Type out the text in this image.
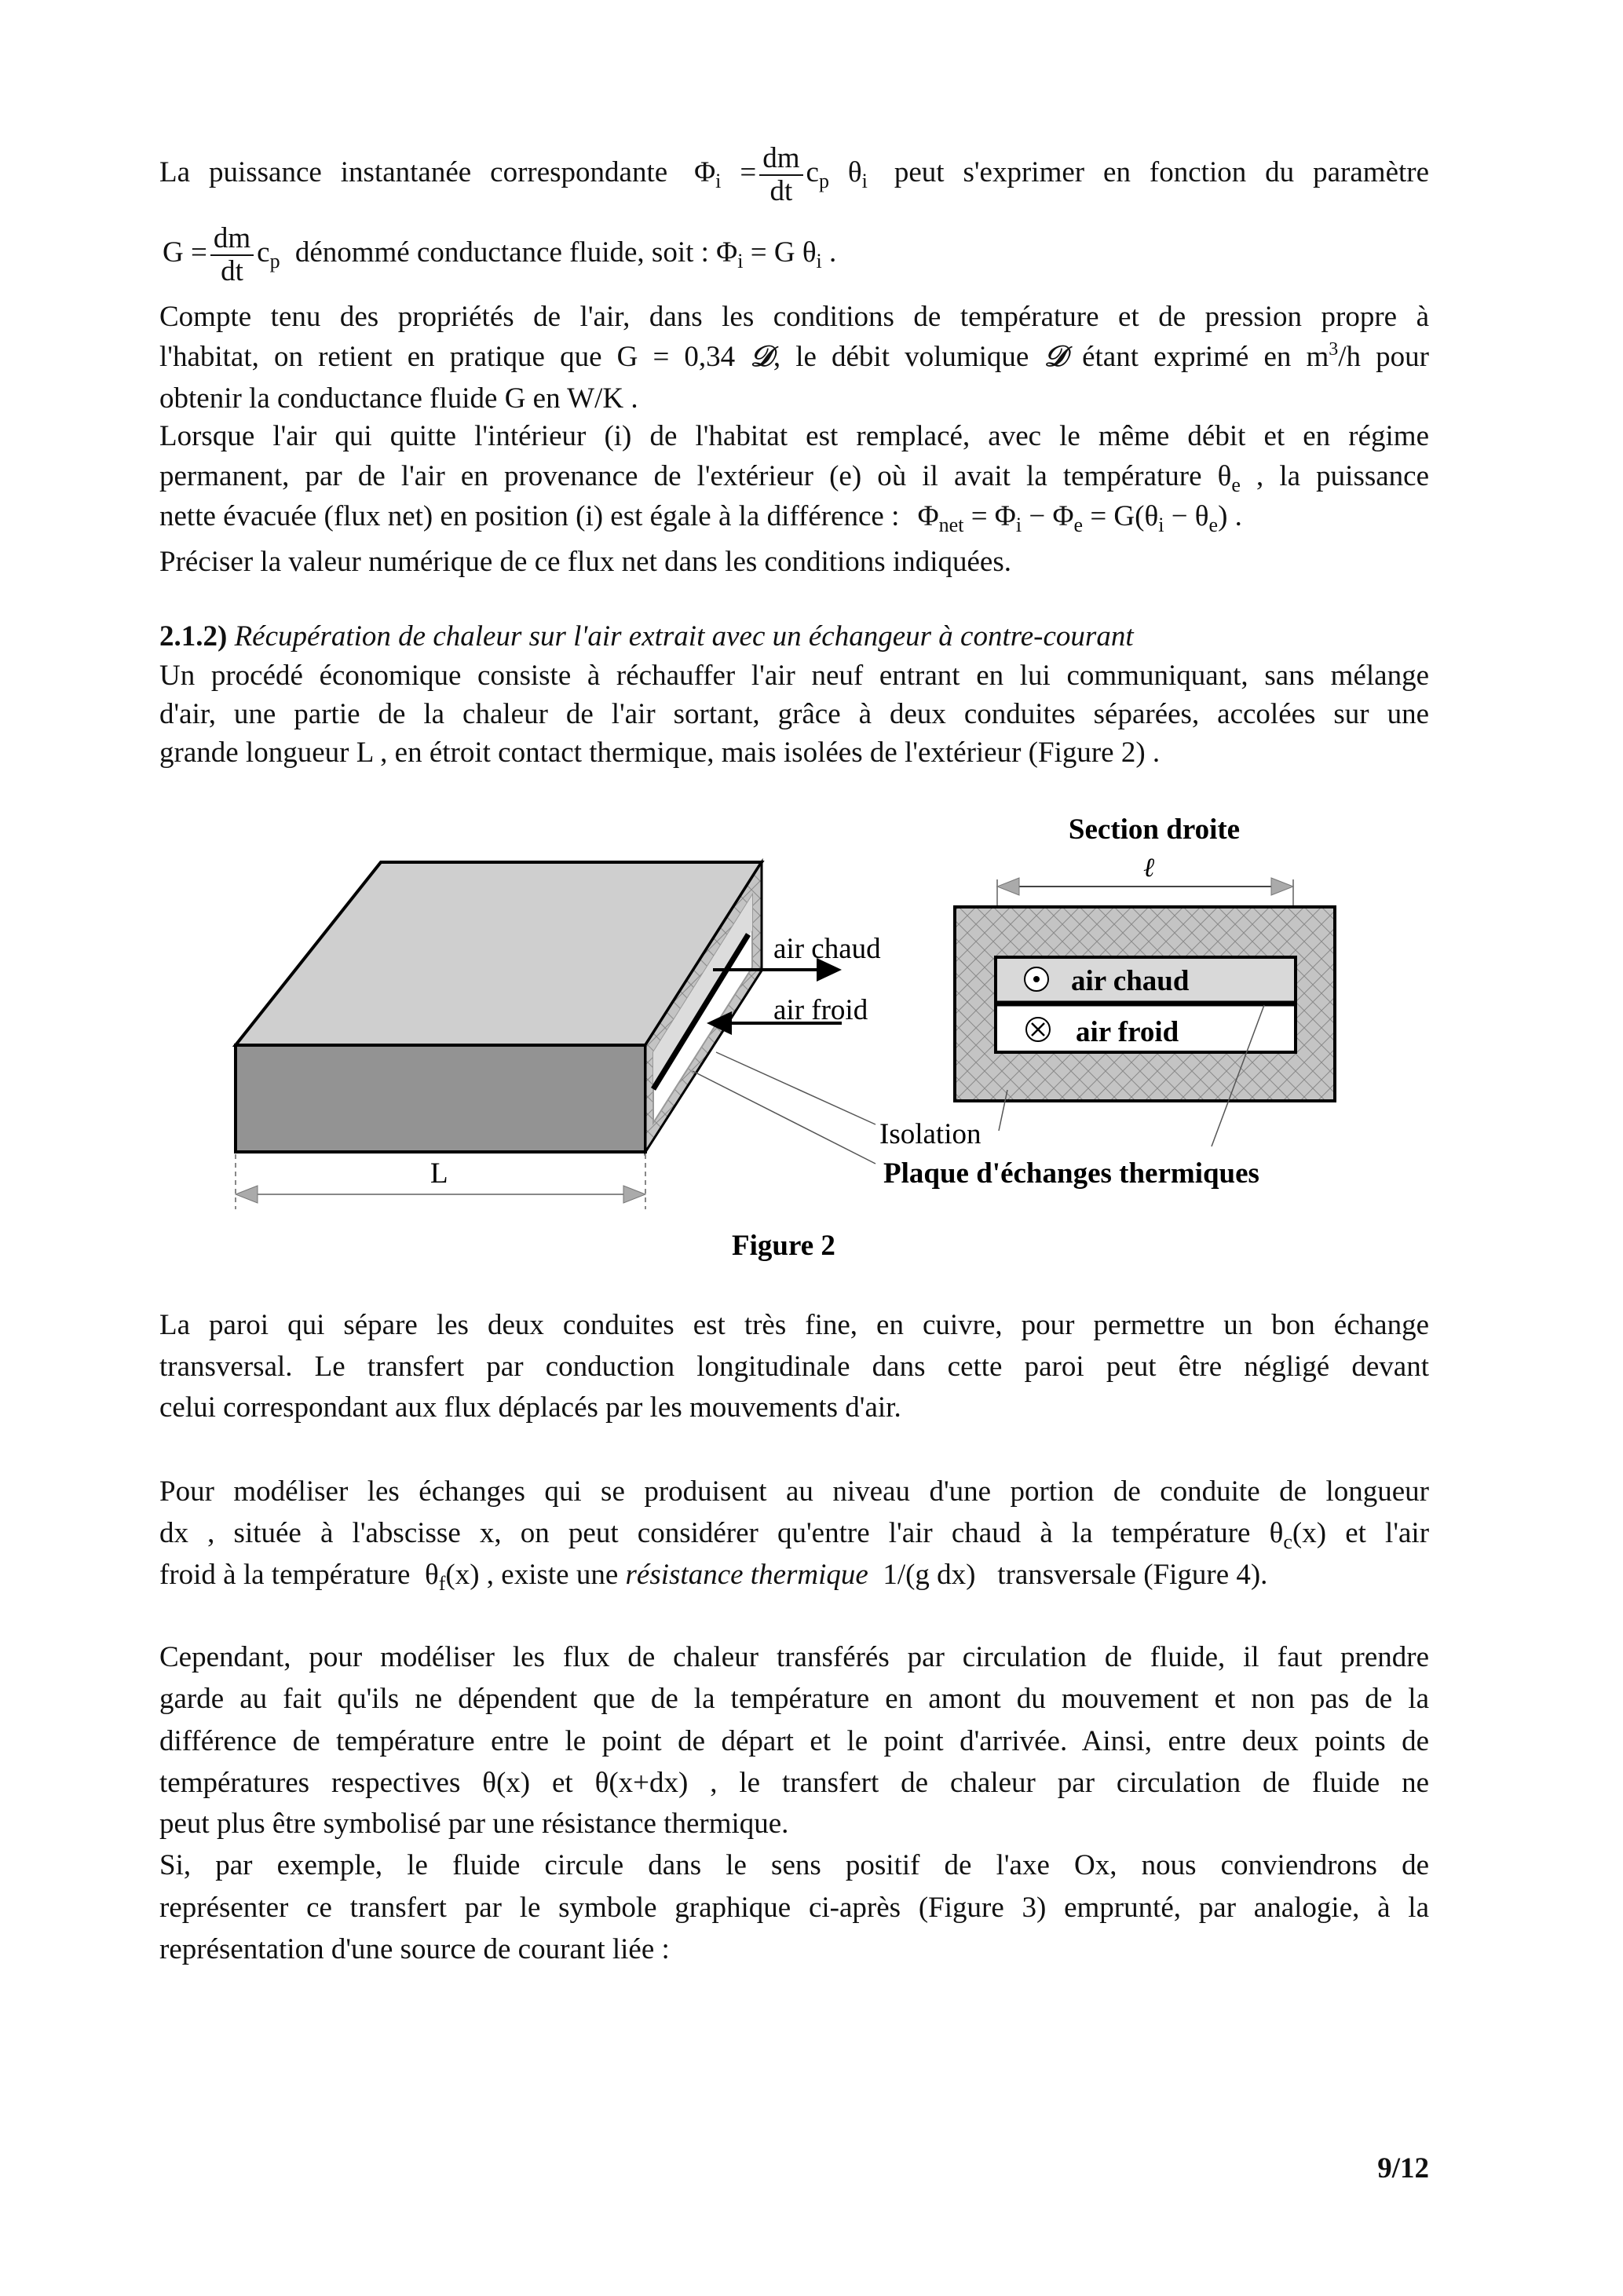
La puissance instantanée correspondante $\Phi_i = \frac{dm}{dt} c_p$ $\theta_i$ peut s'exprimer en fonction du paramètre
$G = \frac{dm}{dt} c_p$ dénommé conductance fluide, soit : $\Phi_i = G$ $\theta_i$ .
Compte tenu des propriétés de l'air, dans les conditions de température et de pression propre à
l'habitat, on retient en pratique que G = 0,34 𝒟, le débit volumique 𝒟 étant exprimé en $m^3/h$ pour
obtenir la conductance fluide G en W/K .
Lorsque l'air qui quitte l'intérieur (i) de l'habitat est remplacé, avec le même débit et en régime
permanent, par de l'air en provenance de l'extérieur (e) où il avait la température $\theta_e$ , la puissance
nette évacuée (flux net) en position (i) est égale à la différence : $\Phi_{net} = \Phi_i - \Phi_e = G(\theta_i - \theta_e)$ .
Préciser la valeur numérique de ce flux net dans les conditions indiquées.
2.1.2) Récupération de chaleur sur l'air extrait avec un échangeur à contre-courant
Un procédé économique consiste à réchauffer l'air neuf entrant en lui communiquant, sans mélange
d'air, une partie de la chaleur de l'air sortant, grâce à deux conduites séparées, accolées sur une
grande longueur L , en étroit contact thermique, mais isolées de l'extérieur (Figure 2) .
air chaud
air froid
L
Section droite
ℓ
air chaud
air froid
Isolation
Plaque d'échanges thermiques
Figure 2
La paroi qui sépare les deux conduites est très fine, en cuivre, pour permettre un bon échange
transversal. Le transfert par conduction longitudinale dans cette paroi peut être négligé devant
celui correspondant aux flux déplacés par les mouvements d'air.
Pour modéliser les échanges qui se produisent au niveau d'une portion de conduite de longueur
dx , située à l'abscisse x, on peut considérer qu'entre l'air chaud à la température $\theta_c(x)$ et l'air
froid à la température $\theta_f(x)$ , existe une résistance thermique 1/(g dx) transversale (Figure 4).
Cependant, pour modéliser les flux de chaleur transférés par circulation de fluide, il faut prendre
garde au fait qu'ils ne dépendent que de la température en amont du mouvement et non pas de la
différence de température entre le point de départ et le point d'arrivée. Ainsi, entre deux points de
températures respectives θ(x) et θ(x+dx) , le transfert de chaleur par circulation de fluide ne
peut plus être symbolisé par une résistance thermique.
Si, par exemple, le fluide circule dans le sens positif de l'axe Ox, nous conviendrons de
représenter ce transfert par le symbole graphique ci-après (Figure 3) emprunté, par analogie, à la
représentation d'une source de courant liée :
9/12
